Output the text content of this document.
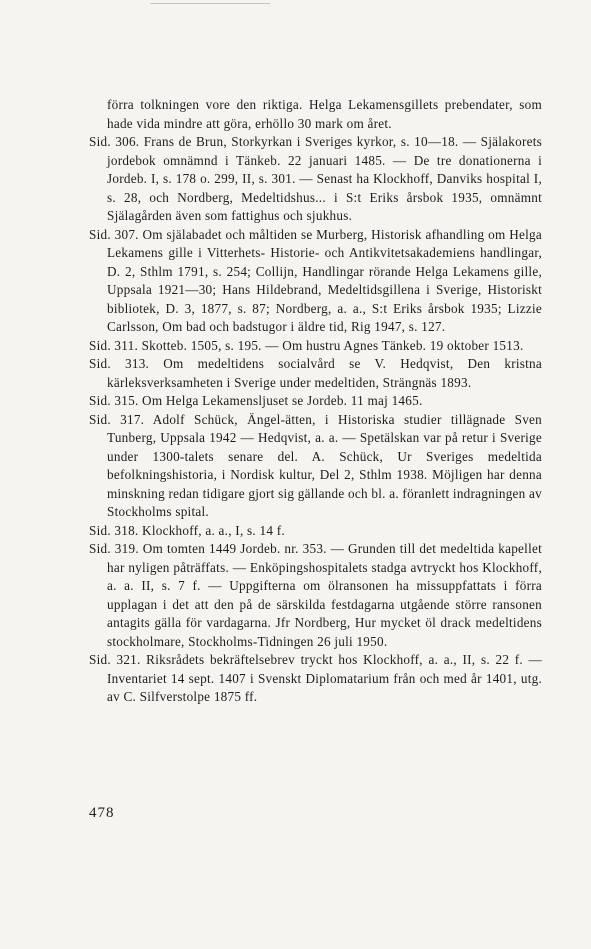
förra tolkningen vore den riktiga. Helga Lekamensgillets prebendater, som hade vida mindre att göra, erhöllo 30 mark om året.

Sid. 306. Frans de Brun, Storkyrkan i Sveriges kyrkor, s. 10—18. — Själakorets jordebok omnämnd i Tänkeb. 22 januari 1485. — De tre donationerna i Jordeb. I, s. 178 o. 299, II, s. 301. — Senast ha Klockhoff, Danviks hospital I, s. 28, och Nordberg, Medeltidshus... i S:t Eriks årsbok 1935, omnämnt Själagården även som fattighus och sjukhus.

Sid. 307. Om själabadet och måltiden se Murberg, Historisk afhandling om Helga Lekamens gille i Vitterhets- Historie- och Antikvitetsakademiens handlingar, D. 2, Sthlm 1791, s. 254; Collijn, Handlingar rörande Helga Lekamens gille, Uppsala 1921—30; Hans Hildebrand, Medeltidsgillena i Sverige, Historiskt bibliotek, D. 3, 1877, s. 87; Nordberg, a. a., S:t Eriks årsbok 1935; Lizzie Carlsson, Om bad och badstugor i äldre tid, Rig 1947, s. 127.

Sid. 311. Skotteb. 1505, s. 195. — Om hustru Agnes Tänkeb. 19 oktober 1513.

Sid. 313. Om medeltidens socialvård se V. Hedqvist, Den kristna kärleksverksamheten i Sverige under medeltiden, Strängnäs 1893.

Sid. 315. Om Helga Lekamensljuset se Jordeb. 11 maj 1465.

Sid. 317. Adolf Schück, Ängel-ätten, i Historiska studier tillägnade Sven Tunberg, Uppsala 1942 — Hedqvist, a. a. — Spetälskan var på retur i Sverige under 1300-talets senare del. A. Schück, Ur Sveriges medeltida befolkningshistoria, i Nordisk kultur, Del 2, Sthlm 1938. Möjligen har denna minskning redan tidigare gjort sig gällande och bl. a. föranlett indragningen av Stockholms spital.

Sid. 318. Klockhoff, a. a., I, s. 14 f.

Sid. 319. Om tomten 1449 Jordeb. nr. 353. — Grunden till det medeltida kapellet har nyligen påträffats. — Enköpingshospitalets stadga avtryckt hos Klockhoff, a. a. II, s. 7 f. — Uppgifterna om ölransonen ha missuppfattats i förra upplagan i det att den på de särskilda festdagarna utgående större ransonen antagits gälla för vardagarna. Jfr Nordberg, Hur mycket öl drack medeltidens stockholmare, Stockholms-Tidningen 26 juli 1950.

Sid. 321. Riksrådets bekräftelsebrev tryckt hos Klockhoff, a. a., II, s. 22 f. — Inventariet 14 sept. 1407 i Svenskt Diplomatarium från och med år 1401, utg. av C. Silfverstolpe 1875 ff.

478
